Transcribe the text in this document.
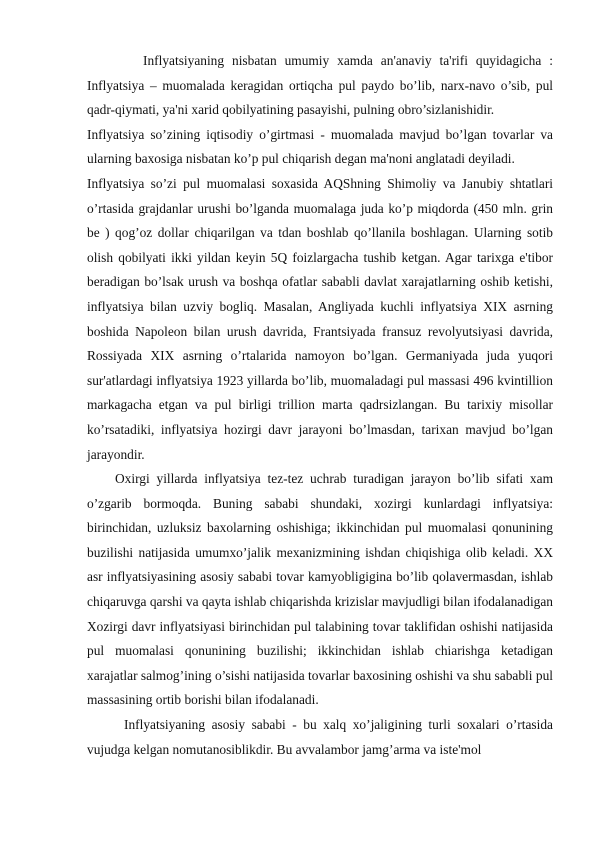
Inflyatsiyaning nisbatan umumiy xamda an'anaviy ta'rifi quyidagicha : Inflyatsiya – muomalada keragidan ortiqcha pul paydo bo’lib, narx-navo o’sib, pul qadr-qiymati, ya'ni xarid qobilyatining pasayishi, pulning obro’sizlanishidir.

Inflyatsiya so’zining iqtisodiy o’girtmasi - muomalada mavjud bo’lgan tovarlar va ularning baxosiga nisbatan ko’p pul chiqarish degan ma'noni anglatadi deyiladi.

Inflyatsiya so’zi pul muomalasi soxasida AQShning Shimoliy va Janubiy shtatlari o’rtasida grajdanlar urushi bo’lganda muomalaga juda ko’p miqdorda (450 mln. grin be ) qog’oz dollar chiqarilgan va tdan boshlab qo’llanila boshlagan. Ularning sotib olish qobilyati ikki yildan keyin 5Q foizlargacha tushib ketgan. Agar tarixga e'tibor beradigan bo’lsak urush va boshqa ofatlar sababli davlat xarajatlarning oshib ketishi, inflyatsiya bilan uzviy bogliq. Masalan, Angliyada kuchli inflyatsiya XIX asrning boshida Napoleon bilan urush davrida, Frantsiyada fransuz revolyutsiyasi davrida, Rossiyada XIX asrning o’rtalarida namoyon bo’lgan. Germaniyada juda yuqori sur'atlardagi inflyatsiya 1923 yillarda bo’lib, muomaladagi pul massasi 496 kvintillion markagacha etgan va pul birligi trillion marta qadrsizlangan. Bu tarixiy misollar ko’rsatadiki, inflyatsiya hozirgi davr jarayoni bo’lmasdan, tarixan mavjud bo’lgan jarayondir.

Oxirgi yillarda inflyatsiya tez-tez uchrab turadigan jarayon bo’lib sifati xam o’zgarib bormoqda. Buning sababi shundaki, xozirgi kunlardagi inflyatsiya: birinchidan, uzluksiz baxolarning oshishiga; ikkinchidan pul muomalasi qonunining buzilishi natijasida umumxo’jalik mexanizmining ishdan chiqishiga olib keladi. XX asr inflyatsiyasining asosiy sababi tovar kamyobligigina bo’lib qolavermasdan, ishlab chiqaruvga qarshi va qayta ishlab chiqarishda krizislar mavjudligi bilan ifodalanadigan Xozirgi davr inflyatsiyasi birinchidan pul talabining tovar taklifidan oshishi natijasida pul muomalasi qonunining buzilishi; ikkinchidan ishlab chiarishga ketadigan xarajatlar salmog’ining o’sishi natijasida tovarlar baxosining oshishi va shu sababli pul massasining ortib borishi bilan ifodalanadi.

Inflyatsiyaning asosiy sababi - bu xalq xo’jaligining turli soxalari o’rtasida vujudga kelgan nomutanosiblikdir. Bu avvalambor jamg’arma va iste'mol
